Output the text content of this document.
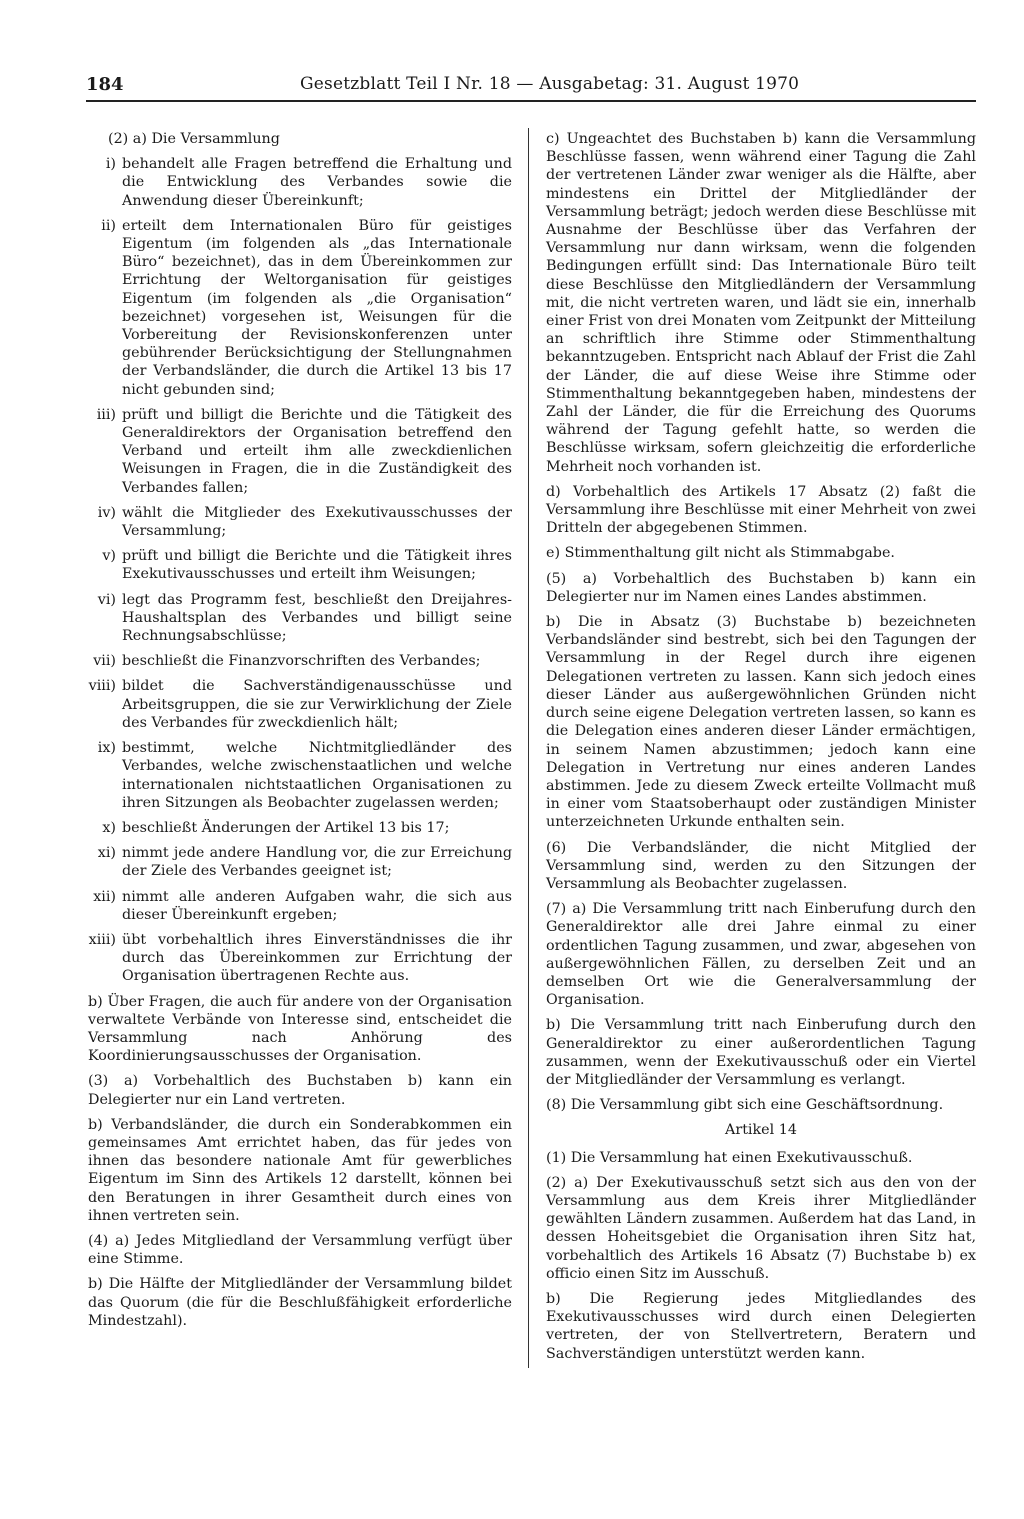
184	Gesetzblatt Teil I Nr. 18 — Ausgabetag: 31. August 1970

(2) a) Die Versammlung

i) behandelt alle Fragen betreffend die Erhaltung und die Entwicklung des Verbandes sowie die Anwendung dieser Übereinkunft;
ii) erteilt dem Internationalen Büro für geistiges Eigentum (im folgenden als „das Internationale Büro“ bezeichnet), das in dem Übereinkommen zur Errichtung der Weltorganisation für geistiges Eigentum (im folgenden als „die Organisation“ bezeichnet) vorgesehen ist, Weisungen für die Vorbereitung der Revisionskonferenzen unter gebührender Berücksichtigung der Stellungnahmen der Verbandsländer, die durch die Artikel 13 bis 17 nicht gebunden sind;
iii) prüft und billigt die Berichte und die Tätigkeit des Generaldirektors der Organisation betreffend den Verband und erteilt ihm alle zweckdienlichen Weisungen in Fragen, die in die Zuständigkeit des Verbandes fallen;
iv) wählt die Mitglieder des Exekutivausschusses der Versammlung;
v) prüft und billigt die Berichte und die Tätigkeit ihres Exekutivausschusses und erteilt ihm Weisungen;
vi) legt das Programm fest, beschließt den Dreijahres-Haushaltsplan des Verbandes und billigt seine Rechnungsabschlüsse;
vii) beschließt die Finanzvorschriften des Verbandes;
viii) bildet die Sachverständigenausschüsse und Arbeitsgruppen, die sie zur Verwirklichung der Ziele des Verbandes für zweckdienlich hält;
ix) bestimmt, welche Nichtmitgliedländer des Verbandes, welche zwischenstaatlichen und welche internationalen nichtstaatlichen Organisationen zu ihren Sitzungen als Beobachter zugelassen werden;
x) beschließt Änderungen der Artikel 13 bis 17;
xi) nimmt jede andere Handlung vor, die zur Erreichung der Ziele des Verbandes geeignet ist;
xii) nimmt alle anderen Aufgaben wahr, die sich aus dieser Übereinkunft ergeben;
xiii) übt vorbehaltlich ihres Einverständnisses die ihr durch das Übereinkommen zur Errichtung der Organisation übertragenen Rechte aus.

b) Über Fragen, die auch für andere von der Organisation verwaltete Verbände von Interesse sind, entscheidet die Versammlung nach Anhörung des Koordinierungsausschusses der Organisation.

(3) a) Vorbehaltlich des Buchstaben b) kann ein Delegierter nur ein Land vertreten.

b) Verbandsländer, die durch ein Sonderabkommen ein gemeinsames Amt errichtet haben, das für jedes von ihnen das besondere nationale Amt für gewerbliches Eigentum im Sinn des Artikels 12 darstellt, können bei den Beratungen in ihrer Gesamtheit durch eines von ihnen vertreten sein.

(4) a) Jedes Mitgliedland der Versammlung verfügt über eine Stimme.

b) Die Hälfte der Mitgliedländer der Versammlung bildet das Quorum (die für die Beschlußfähigkeit erforderliche Mindestzahl).

c) Ungeachtet des Buchstaben b) kann die Versammlung Beschlüsse fassen, wenn während einer Tagung die Zahl der vertretenen Länder zwar weniger als die Hälfte, aber mindestens ein Drittel der Mitgliedländer der Versammlung beträgt; jedoch werden diese Beschlüsse mit Ausnahme der Beschlüsse über das Verfahren der Versammlung nur dann wirksam, wenn die folgenden Bedingungen erfüllt sind: Das Internationale Büro teilt diese Beschlüsse den Mitgliedländern der Versammlung mit, die nicht vertreten waren, und lädt sie ein, innerhalb einer Frist von drei Monaten vom Zeitpunkt der Mitteilung an schriftlich ihre Stimme oder Stimmenthaltung bekanntzugeben. Entspricht nach Ablauf der Frist die Zahl der Länder, die auf diese Weise ihre Stimme oder Stimmenthaltung bekanntgegeben haben, mindestens der Zahl der Länder, die für die Erreichung des Quorums während der Tagung gefehlt hatte, so werden die Beschlüsse wirksam, sofern gleichzeitig die erforderliche Mehrheit noch vorhanden ist.

d) Vorbehaltlich des Artikels 17 Absatz (2) faßt die Versammlung ihre Beschlüsse mit einer Mehrheit von zwei Dritteln der abgegebenen Stimmen.

e) Stimmenthaltung gilt nicht als Stimmabgabe.

(5) a) Vorbehaltlich des Buchstaben b) kann ein Delegierter nur im Namen eines Landes abstimmen.

b) Die in Absatz (3) Buchstabe b) bezeichneten Verbandsländer sind bestrebt, sich bei den Tagungen der Versammlung in der Regel durch ihre eigenen Delegationen vertreten zu lassen. Kann sich jedoch eines dieser Länder aus außergewöhnlichen Gründen nicht durch seine eigene Delegation vertreten lassen, so kann es die Delegation eines anderen dieser Länder ermächtigen, in seinem Namen abzustimmen; jedoch kann eine Delegation in Vertretung nur eines anderen Landes abstimmen. Jede zu diesem Zweck erteilte Vollmacht muß in einer vom Staatsoberhaupt oder zuständigen Minister unterzeichneten Urkunde enthalten sein.

(6) Die Verbandsländer, die nicht Mitglied der Versammlung sind, werden zu den Sitzungen der Versammlung als Beobachter zugelassen.

(7) a) Die Versammlung tritt nach Einberufung durch den Generaldirektor alle drei Jahre einmal zu einer ordentlichen Tagung zusammen, und zwar, abgesehen von außergewöhnlichen Fällen, zu derselben Zeit und an demselben Ort wie die Generalversammlung der Organisation.

b) Die Versammlung tritt nach Einberufung durch den Generaldirektor zu einer außerordentlichen Tagung zusammen, wenn der Exekutivausschuß oder ein Viertel der Mitgliedländer der Versammlung es verlangt.

(8) Die Versammlung gibt sich eine Geschäftsordnung.

Artikel 14

(1) Die Versammlung hat einen Exekutivausschuß.

(2) a) Der Exekutivausschuß setzt sich aus den von der Versammlung aus dem Kreis ihrer Mitgliedländer gewählten Ländern zusammen. Außerdem hat das Land, in dessen Hoheitsgebiet die Organisation ihren Sitz hat, vorbehaltlich des Artikels 16 Absatz (7) Buchstabe b) ex officio einen Sitz im Ausschuß.

b) Die Regierung jedes Mitgliedlandes des Exekutivausschusses wird durch einen Delegierten vertreten, der von Stellvertretern, Beratern und Sachverständigen unterstützt werden kann.
